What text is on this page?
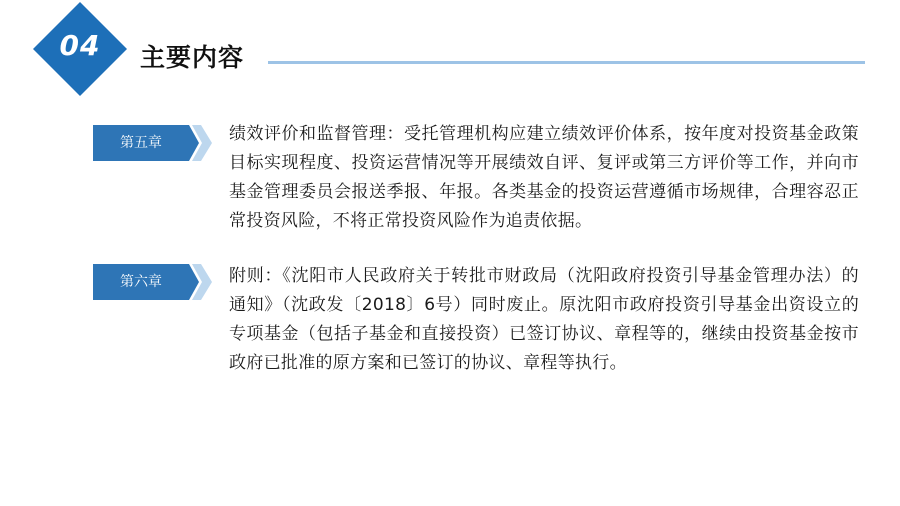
04	主要内容
第五章	绩效评价和监督管理：受托管理机构应建立绩效评价体系，按年度对投资基金政策目标实现程度、投资运营情况等开展绩效自评、复评或第三方评价等工作，并向市基金管理委员会报送季报、年报。各类基金的投资运营遵循市场规律，合理容忍正常投资风险，不将正常投资风险作为追责依据。

第六章	附则：《沈阳市人民政府关于转批市财政局（沈阳政府投资引导基金管理办法）的通知》（沈政发〔2018〕6号）同时废止。原沈阳市政府投资引导基金出资设立的专项基金（包括子基金和直接投资）已签订协议、章程等的，继续由投资基金按市政府已批准的原方案和已签订的协议、章程等执行。
